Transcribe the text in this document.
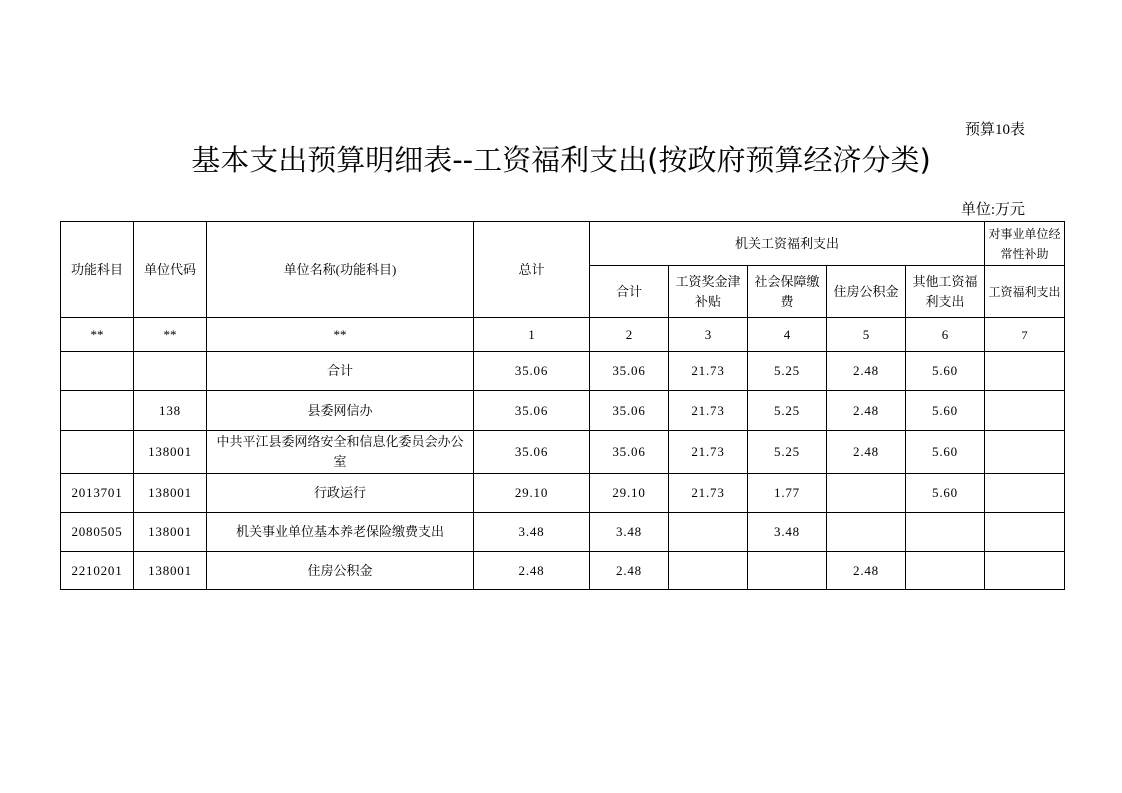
预算10表
基本支出预算明细表--工资福利支出(按政府预算经济分类)
单位:万元
功能科目	单位代码	单位名称(功能科目)	总计	机关工资福利支出					对事业单位经常性补助
				合计	工资奖金津补贴	社会保障缴费	住房公积金	其他工资福利支出	工资福利支出
**	**	**	1	2	3	4	5	6	7
		合计	35.06	35.06	21.73	5.25	2.48	5.60	
	138	县委网信办	35.06	35.06	21.73	5.25	2.48	5.60	
	138001	中共平江县委网络安全和信息化委员会办公室	35.06	35.06	21.73	5.25	2.48	5.60	
2013701	138001	行政运行	29.10	29.10	21.73	1.77		5.60	
2080505	138001	机关事业单位基本养老保险缴费支出	3.48	3.48		3.48			
2210201	138001	住房公积金	2.48	2.48			2.48		
